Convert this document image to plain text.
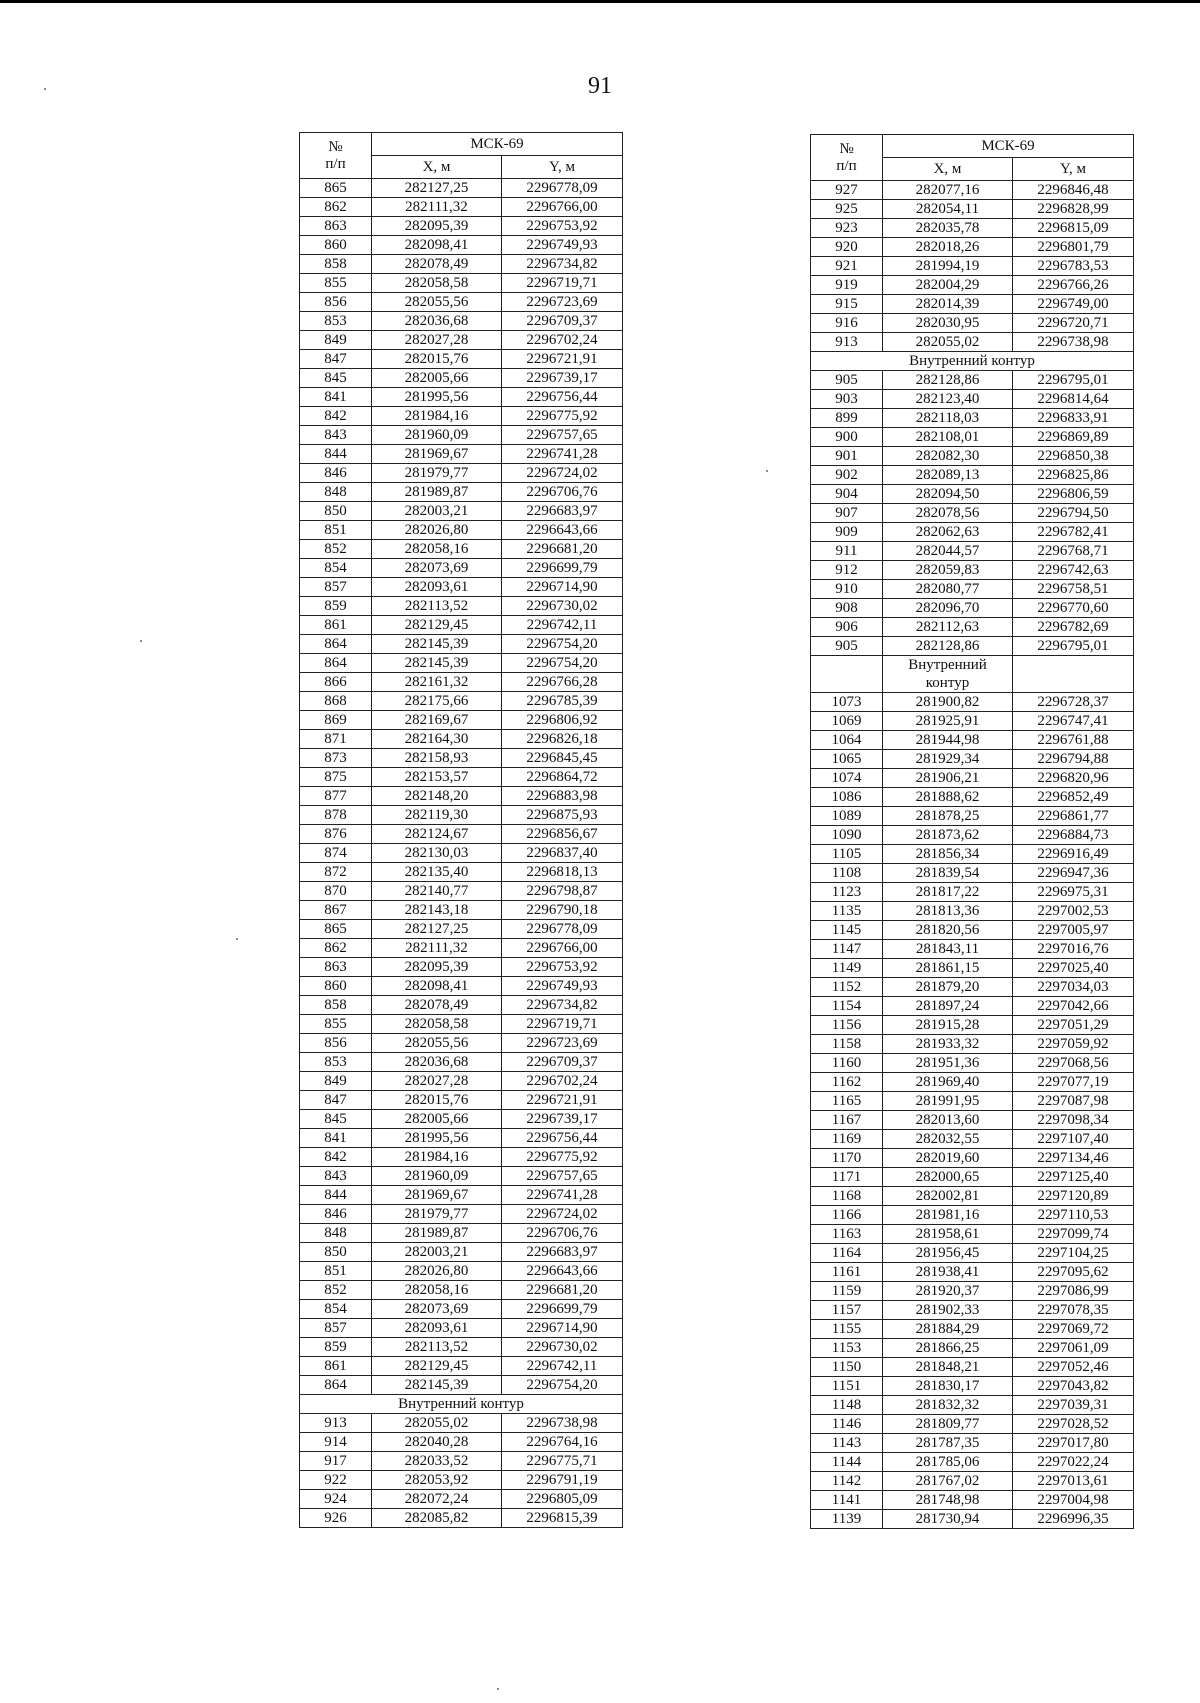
91
№
п/п	МСК-69	
	X, м	Y, м
865	282127,25	2296778,09
862	282111,32	2296766,00
863	282095,39	2296753,92
860	282098,41	2296749,93
858	282078,49	2296734,82
855	282058,58	2296719,71
856	282055,56	2296723,69
853	282036,68	2296709,37
849	282027,28	2296702,24
847	282015,76	2296721,91
845	282005,66	2296739,17
841	281995,56	2296756,44
842	281984,16	2296775,92
843	281960,09	2296757,65
844	281969,67	2296741,28
846	281979,77	2296724,02
848	281989,87	2296706,76
850	282003,21	2296683,97
851	282026,80	2296643,66
852	282058,16	2296681,20
854	282073,69	2296699,79
857	282093,61	2296714,90
859	282113,52	2296730,02
861	282129,45	2296742,11
864	282145,39	2296754,20
864	282145,39	2296754,20
866	282161,32	2296766,28
868	282175,66	2296785,39
869	282169,67	2296806,92
871	282164,30	2296826,18
873	282158,93	2296845,45
875	282153,57	2296864,72
877	282148,20	2296883,98
878	282119,30	2296875,93
876	282124,67	2296856,67
874	282130,03	2296837,40
872	282135,40	2296818,13
870	282140,77	2296798,87
867	282143,18	2296790,18
865	282127,25	2296778,09
862	282111,32	2296766,00
863	282095,39	2296753,92
860	282098,41	2296749,93
858	282078,49	2296734,82
855	282058,58	2296719,71
856	282055,56	2296723,69
853	282036,68	2296709,37
849	282027,28	2296702,24
847	282015,76	2296721,91
845	282005,66	2296739,17
841	281995,56	2296756,44
842	281984,16	2296775,92
843	281960,09	2296757,65
844	281969,67	2296741,28
846	281979,77	2296724,02
848	281989,87	2296706,76
850	282003,21	2296683,97
851	282026,80	2296643,66
852	282058,16	2296681,20
854	282073,69	2296699,79
857	282093,61	2296714,90
859	282113,52	2296730,02
861	282129,45	2296742,11
864	282145,39	2296754,20
Внутренний контур		
913	282055,02	2296738,98
914	282040,28	2296764,16
917	282033,52	2296775,71
922	282053,92	2296791,19
924	282072,24	2296805,09
926	282085,82	2296815,39
№
п/п	МСК-69	
	X, м	Y, м
927	282077,16	2296846,48
925	282054,11	2296828,99
923	282035,78	2296815,09
920	282018,26	2296801,79
921	281994,19	2296783,53
919	282004,29	2296766,26
915	282014,39	2296749,00
916	282030,95	2296720,71
913	282055,02	2296738,98
Внутренний контур		
905	282128,86	2296795,01
903	282123,40	2296814,64
899	282118,03	2296833,91
900	282108,01	2296869,89
901	282082,30	2296850,38
902	282089,13	2296825,86
904	282094,50	2296806,59
907	282078,56	2296794,50
909	282062,63	2296782,41
911	282044,57	2296768,71
912	282059,83	2296742,63
910	282080,77	2296758,51
908	282096,70	2296770,60
906	282112,63	2296782,69
905	282128,86	2296795,01
	Внутренний контур	
1073	281900,82	2296728,37
1069	281925,91	2296747,41
1064	281944,98	2296761,88
1065	281929,34	2296794,88
1074	281906,21	2296820,96
1086	281888,62	2296852,49
1089	281878,25	2296861,77
1090	281873,62	2296884,73
1105	281856,34	2296916,49
1108	281839,54	2296947,36
1123	281817,22	2296975,31
1135	281813,36	2297002,53
1145	281820,56	2297005,97
1147	281843,11	2297016,76
1149	281861,15	2297025,40
1152	281879,20	2297034,03
1154	281897,24	2297042,66
1156	281915,28	2297051,29
1158	281933,32	2297059,92
1160	281951,36	2297068,56
1162	281969,40	2297077,19
1165	281991,95	2297087,98
1167	282013,60	2297098,34
1169	282032,55	2297107,40
1170	282019,60	2297134,46
1171	282000,65	2297125,40
1168	282002,81	2297120,89
1166	281981,16	2297110,53
1163	281958,61	2297099,74
1164	281956,45	2297104,25
1161	281938,41	2297095,62
1159	281920,37	2297086,99
1157	281902,33	2297078,35
1155	281884,29	2297069,72
1153	281866,25	2297061,09
1150	281848,21	2297052,46
1151	281830,17	2297043,82
1148	281832,32	2297039,31
1146	281809,77	2297028,52
1143	281787,35	2297017,80
1144	281785,06	2297022,24
1142	281767,02	2297013,61
1141	281748,98	2297004,98
1139	281730,94	2296996,35
